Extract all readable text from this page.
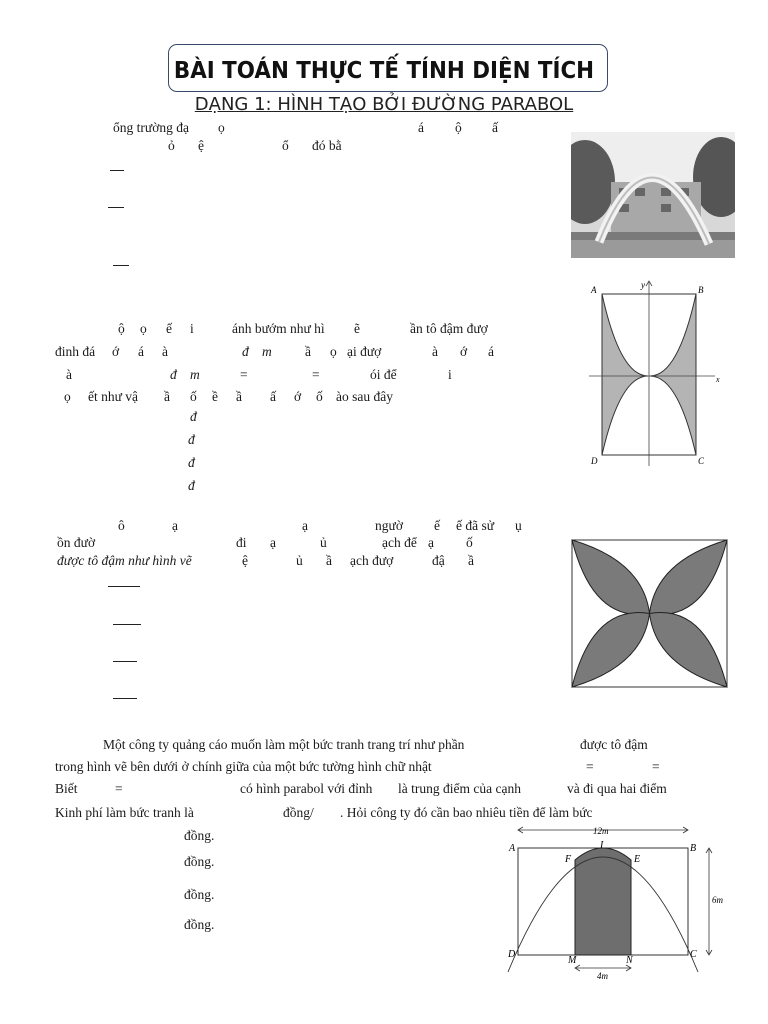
BÀI TOÁN THỰC TẾ TÍNH DIỆN TÍCH
DẠNG 1: HÌNH TẠO BỞI ĐƯỜNG PARABOL
ổng trường đạ ọ	á ộ ấ
ỏ ệ	ổ đó bằ
ộ ọ ế i	ánh bướm như hì ẽ	ần tô đậm đượ
đinh đá ớ á à	đ m ầ ọ ại đượ	à ớ á
à	đ m	=	=	ói để	i
ọ ết như vậ ầ ố ề ầ ấ ớ ố ào sau đây
đ
đ
đ
đ
A	B
C
D
y
x
ô	ạ	ạ	ngườ ế ế đã sử ụ
ồn đườ	đi ạ	ủ	ạch để ạ ố
được tô đậm như hình vẽ	ệ	ủ ầ ạch đượ	đậ ầ
Một công ty quảng cáo muốn làm một bức tranh trang trí như phần	được tô đậm
trong hình vẽ bên dưới ở chính giữa của một bức tường hình chữ nhật	=	=
Biết	=	có hình parabol với đỉnh là trung điểm của cạnh	và đi qua hai điểm
Kinh phí làm bức tranh là	đồng/ . Hỏi công ty đó cần bao nhiêu tiền để làm bức
đồng.
đồng.
đồng.
đồng.
12m
6m
4m
A	B
C
D
I
F	E
M	N
